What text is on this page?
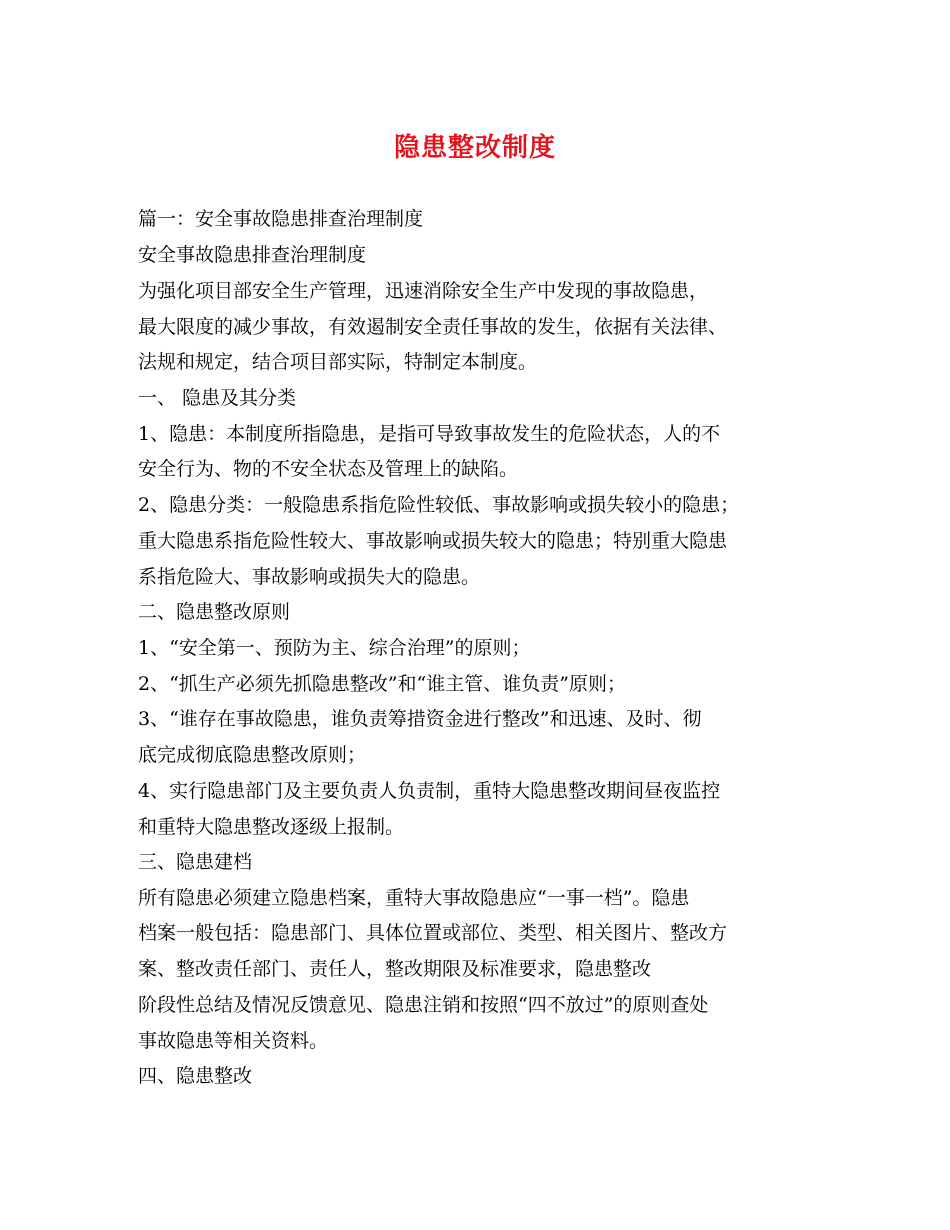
隐患整改制度
篇一：安全事故隐患排查治理制度
安全事故隐患排查治理制度
为强化项目部安全生产管理，迅速消除安全生产中发现的事故隐患，
最大限度的减少事故，有效遏制安全责任事故的发生，依据有关法律、
法规和规定，结合项目部实际，特制定本制度。
一、 隐患及其分类
1、隐患：本制度所指隐患，是指可导致事故发生的危险状态，人的不
安全行为、物的不安全状态及管理上的缺陷。
2、隐患分类：一般隐患系指危险性较低、事故影响或损失较小的隐患；
重大隐患系指危险性较大、事故影响或损失较大的隐患；特别重大隐患
系指危险大、事故影响或损失大的隐患。
二、隐患整改原则
1、“安全第一、预防为主、综合治理”的原则；
2、“抓生产必须先抓隐患整改”和“谁主管、谁负责”原则；
3、“谁存在事故隐患，谁负责筹措资金进行整改”和迅速、及时、彻
底完成彻底隐患整改原则；
4、实行隐患部门及主要负责人负责制，重特大隐患整改期间昼夜监控
和重特大隐患整改逐级上报制。
三、隐患建档
所有隐患必须建立隐患档案，重特大事故隐患应“一事一档”。隐患
档案一般包括：隐患部门、具体位置或部位、类型、相关图片、整改方
案、整改责任部门、责任人，整改期限及标准要求，隐患整改
阶段性总结及情况反馈意见、隐患注销和按照“四不放过”的原则查处
事故隐患等相关资料。
四、隐患整改
